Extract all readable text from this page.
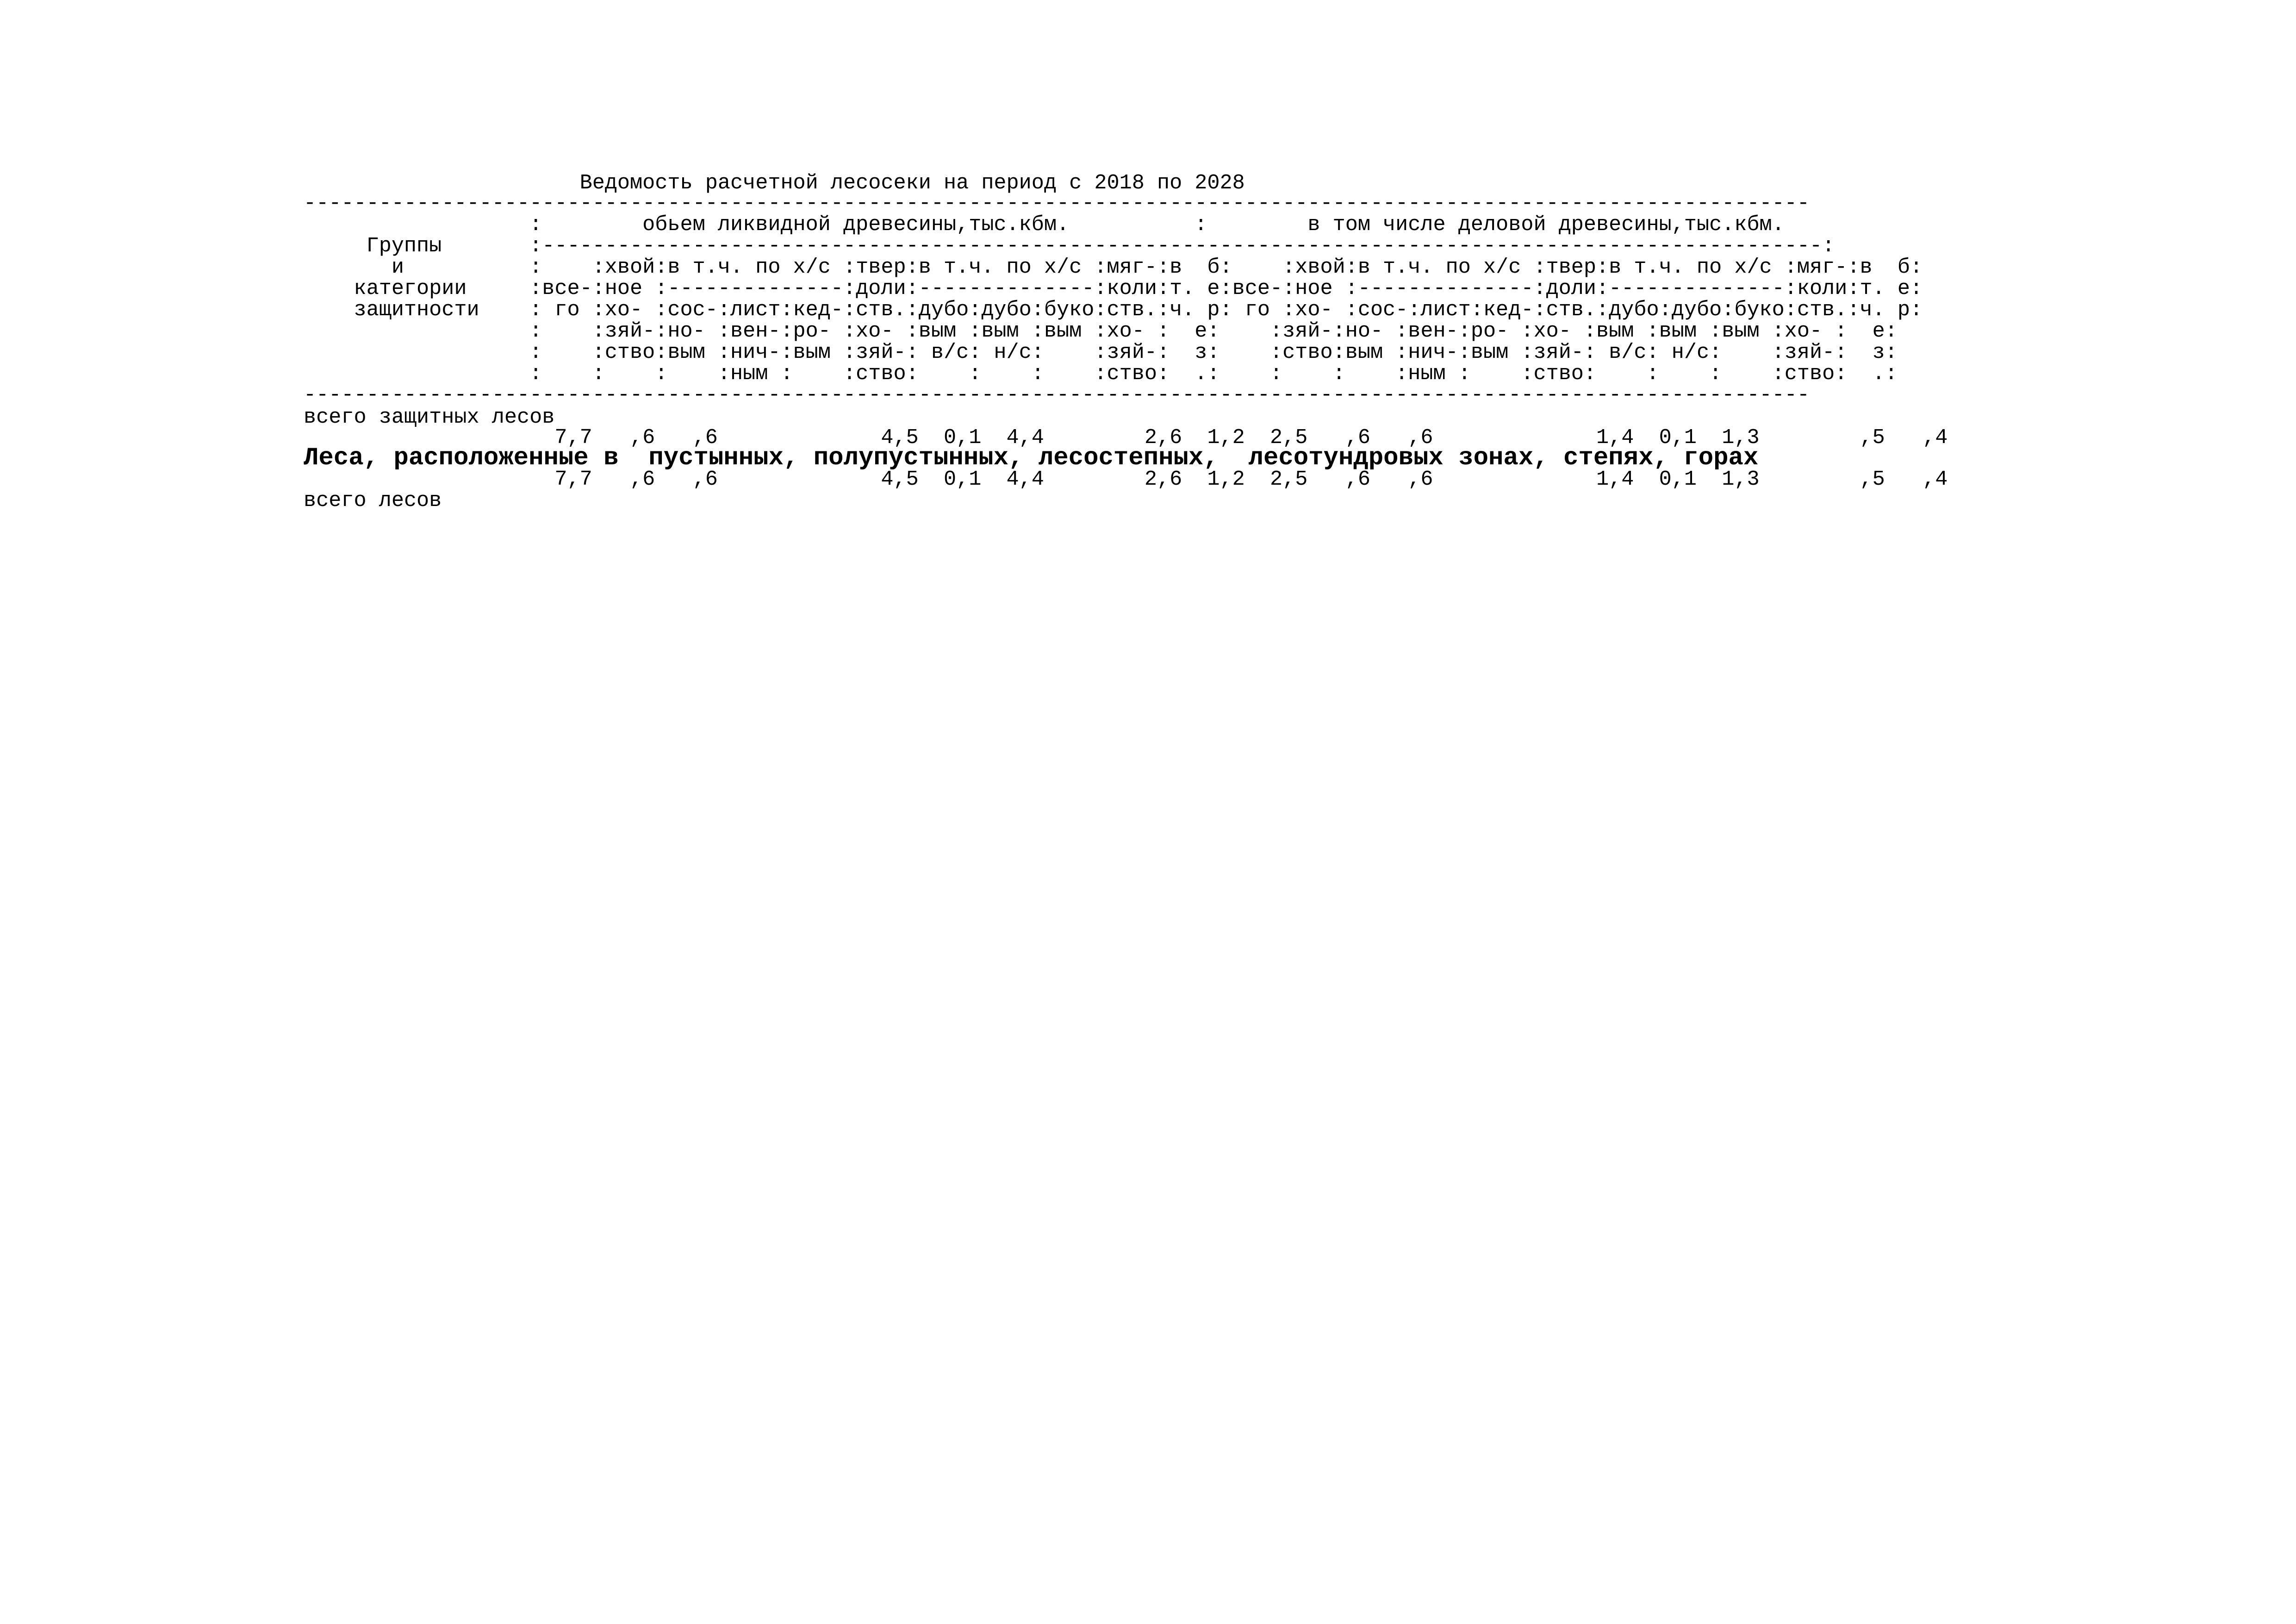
Ведомость расчетной лесосеки на период с 2018 по 2028
------------------------------------------------------------------------------------------------------------------------
:        обьем ликвидной древесины,тыс.кбм.          :        в том числе деловой древесины,тыс.кбм.
Группы       :------------------------------------------------------------------------------------------------------:
и          :    :хвой:в т.ч. по х/с :твер:в т.ч. по х/с :мяг-:в  б:    :хвой:в т.ч. по х/с :твер:в т.ч. по х/с :мяг-:в  б:
категории     :все-:ное :--------------:доли:--------------:коли:т. е:все-:ное :--------------:доли:--------------:коли:т. е:
защитности    : го :хо- :сос-:лист:кед-:ств.:дубо:дубо:буко:ств.:ч. р: го :хо- :сос-:лист:кед-:ств.:дубо:дубо:буко:ств.:ч. р:
:    :зяй-:но- :вен-:ро- :хо- :вым :вым :вым :хо- :  е:    :зяй-:но- :вен-:ро- :хо- :вым :вым :вым :хо- :  е:
:    :ство:вым :нич-:вым :зяй-: в/с: н/с:    :зяй-:  з:    :ство:вым :нич-:вым :зяй-: в/с: н/с:    :зяй-:  з:
:    :    :    :ным :    :ство:    :    :    :ство:  .:    :    :    :ным :    :ство:    :    :    :ство:  .:
------------------------------------------------------------------------------------------------------------------------
всего защитных лесов
7,7   ,6   ,6             4,5  0,1  4,4        2,6  1,2  2,5   ,6   ,6             1,4  0,1  1,3        ,5   ,4
Леса, расположенные в  пустынных, полупустынных, лесостепных,  лесотундровых зонах, степях, горах
7,7   ,6   ,6             4,5  0,1  4,4        2,6  1,2  2,5   ,6   ,6             1,4  0,1  1,3        ,5   ,4
всего лесов
